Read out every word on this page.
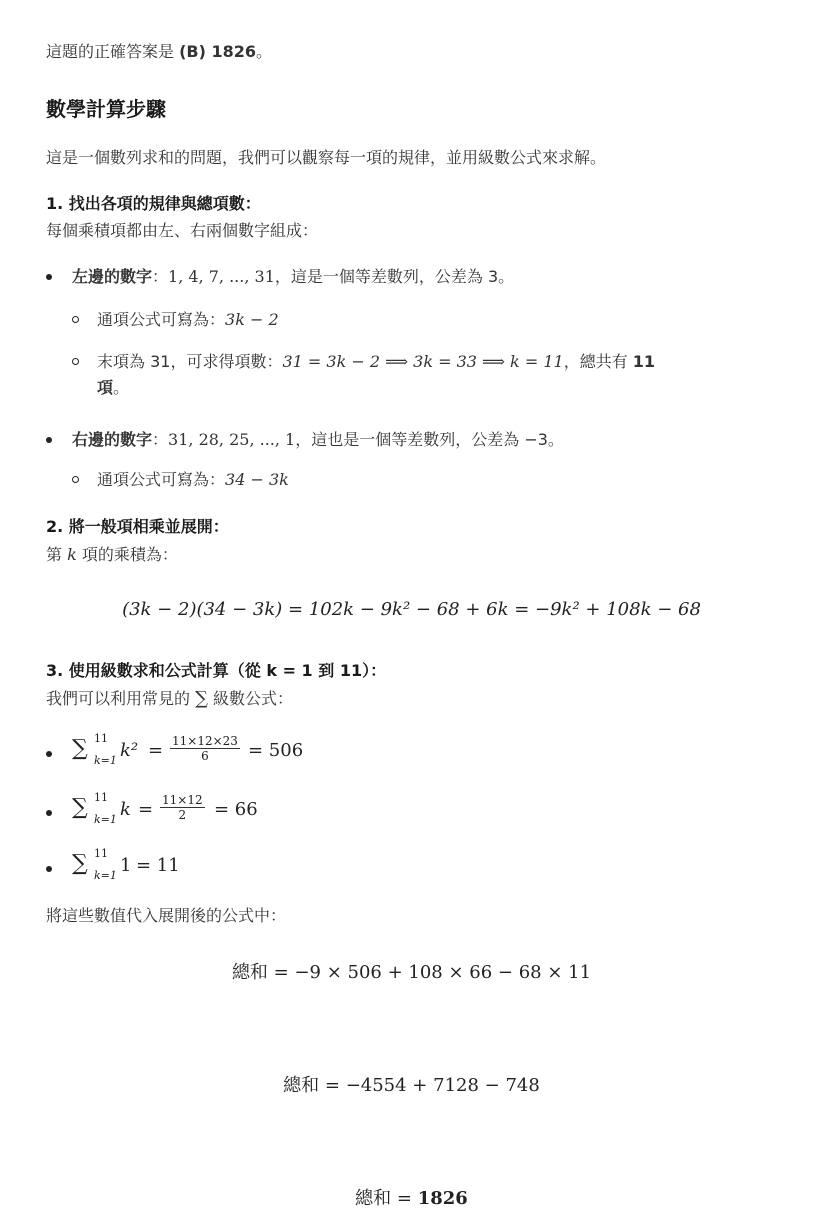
這題的正確答案是 (B) 1826。
數學計算步驟
這是一個數列求和的問題，我們可以觀察每一項的規律，並用級數公式來求解。
1. 找出各項的規律與總項數：
每個乘積項都由左、右兩個數字組成：
左邊的數字：1, 4, 7, ..., 31，這是一個等差數列，公差為 3。
通項公式可寫為：3k − 2
末項為 31，可求得項數：31 = 3k − 2 ⟹ 3k = 33 ⟹ k = 11，總共有 11
項。
右邊的數字：31, 28, 25, ..., 1，這也是一個等差數列，公差為 −3。
通項公式可寫為：34 − 3k
2. 將一般項相乘並展開：
第 k 項的乘積為：
(3k − 2)(34 − 3k) = 102k − 9k² − 68 + 6k = −9k² + 108k − 68
3. 使用級數求和公式計算（從 k = 1 到 11）：
我們可以利用常見的 ∑ 級數公式：
∑ 11
k=1 $k^2 = \frac{11\times 12\times 23}{6} = 506$
∑ 11
k=1 $k = \frac{11\times 12}{2} = 66$
∑ 11
k=1 1 = 11
將這些數值代入展開後的公式中：
總和 = −9 × 506 + 108 × 66 − 68 × 11
總和 = −4554 + 7128 − 748
總和 = 1826
